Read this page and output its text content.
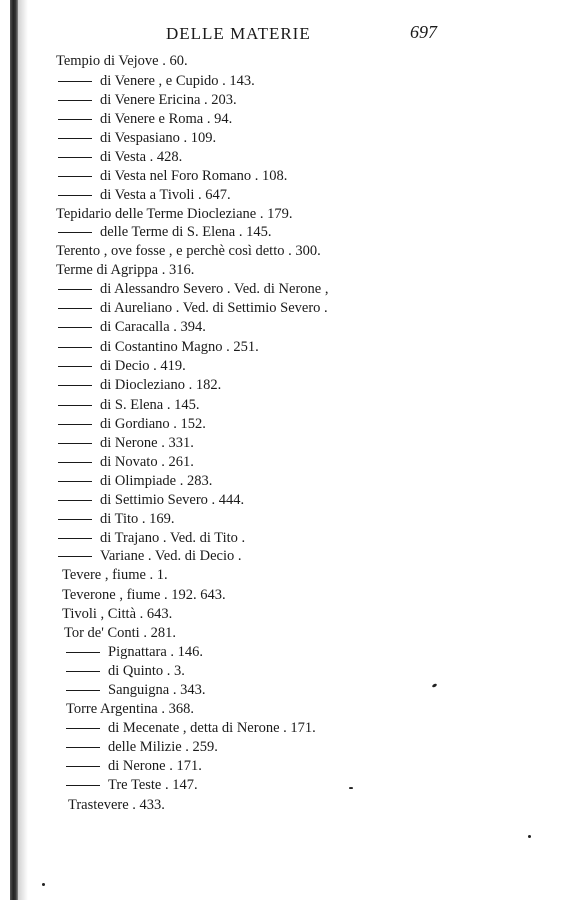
DELLE MATERIE	697
Tempio di Vejove . 60.
di Venere , e Cupido . 143.
di Venere Ericina . 203.
di Venere e Roma . 94.
di Vespasiano . 109.
di Vesta . 428.
di Vesta nel Foro Romano . 108.
di Vesta a Tivoli . 647.
Tepidario delle Terme Diocleziane . 179.
delle Terme di S. Elena . 145.
Terento , ove fosse , e perchè così detto . 300.
Terme di Agrippa . 316.
di Alessandro Severo . Ved. di Nerone ,
di Aureliano . Ved. di Settimio Severo .
di Caracalla . 394.
di Costantino Magno . 251.
di Decio . 419.
di Diocleziano . 182.
di S. Elena . 145.
di Gordiano . 152.
di Nerone . 331.
di Novato . 261.
di Olimpiade . 283.
di Settimio Severo . 444.
di Tito . 169.
di Trajano . Ved. di Tito .
Variane . Ved. di Decio .
Tevere , fiume . 1.
Teverone , fiume . 192. 643.
Tivoli , Città . 643.
Tor de' Conti . 281.
Pignattara . 146.
di Quinto . 3.
Sanguigna . 343.
Torre Argentina . 368.
di Mecenate , detta di Nerone . 171.
delle Milizie . 259.
di Nerone . 171.
Tre Teste . 147.
Trastevere . 433.
